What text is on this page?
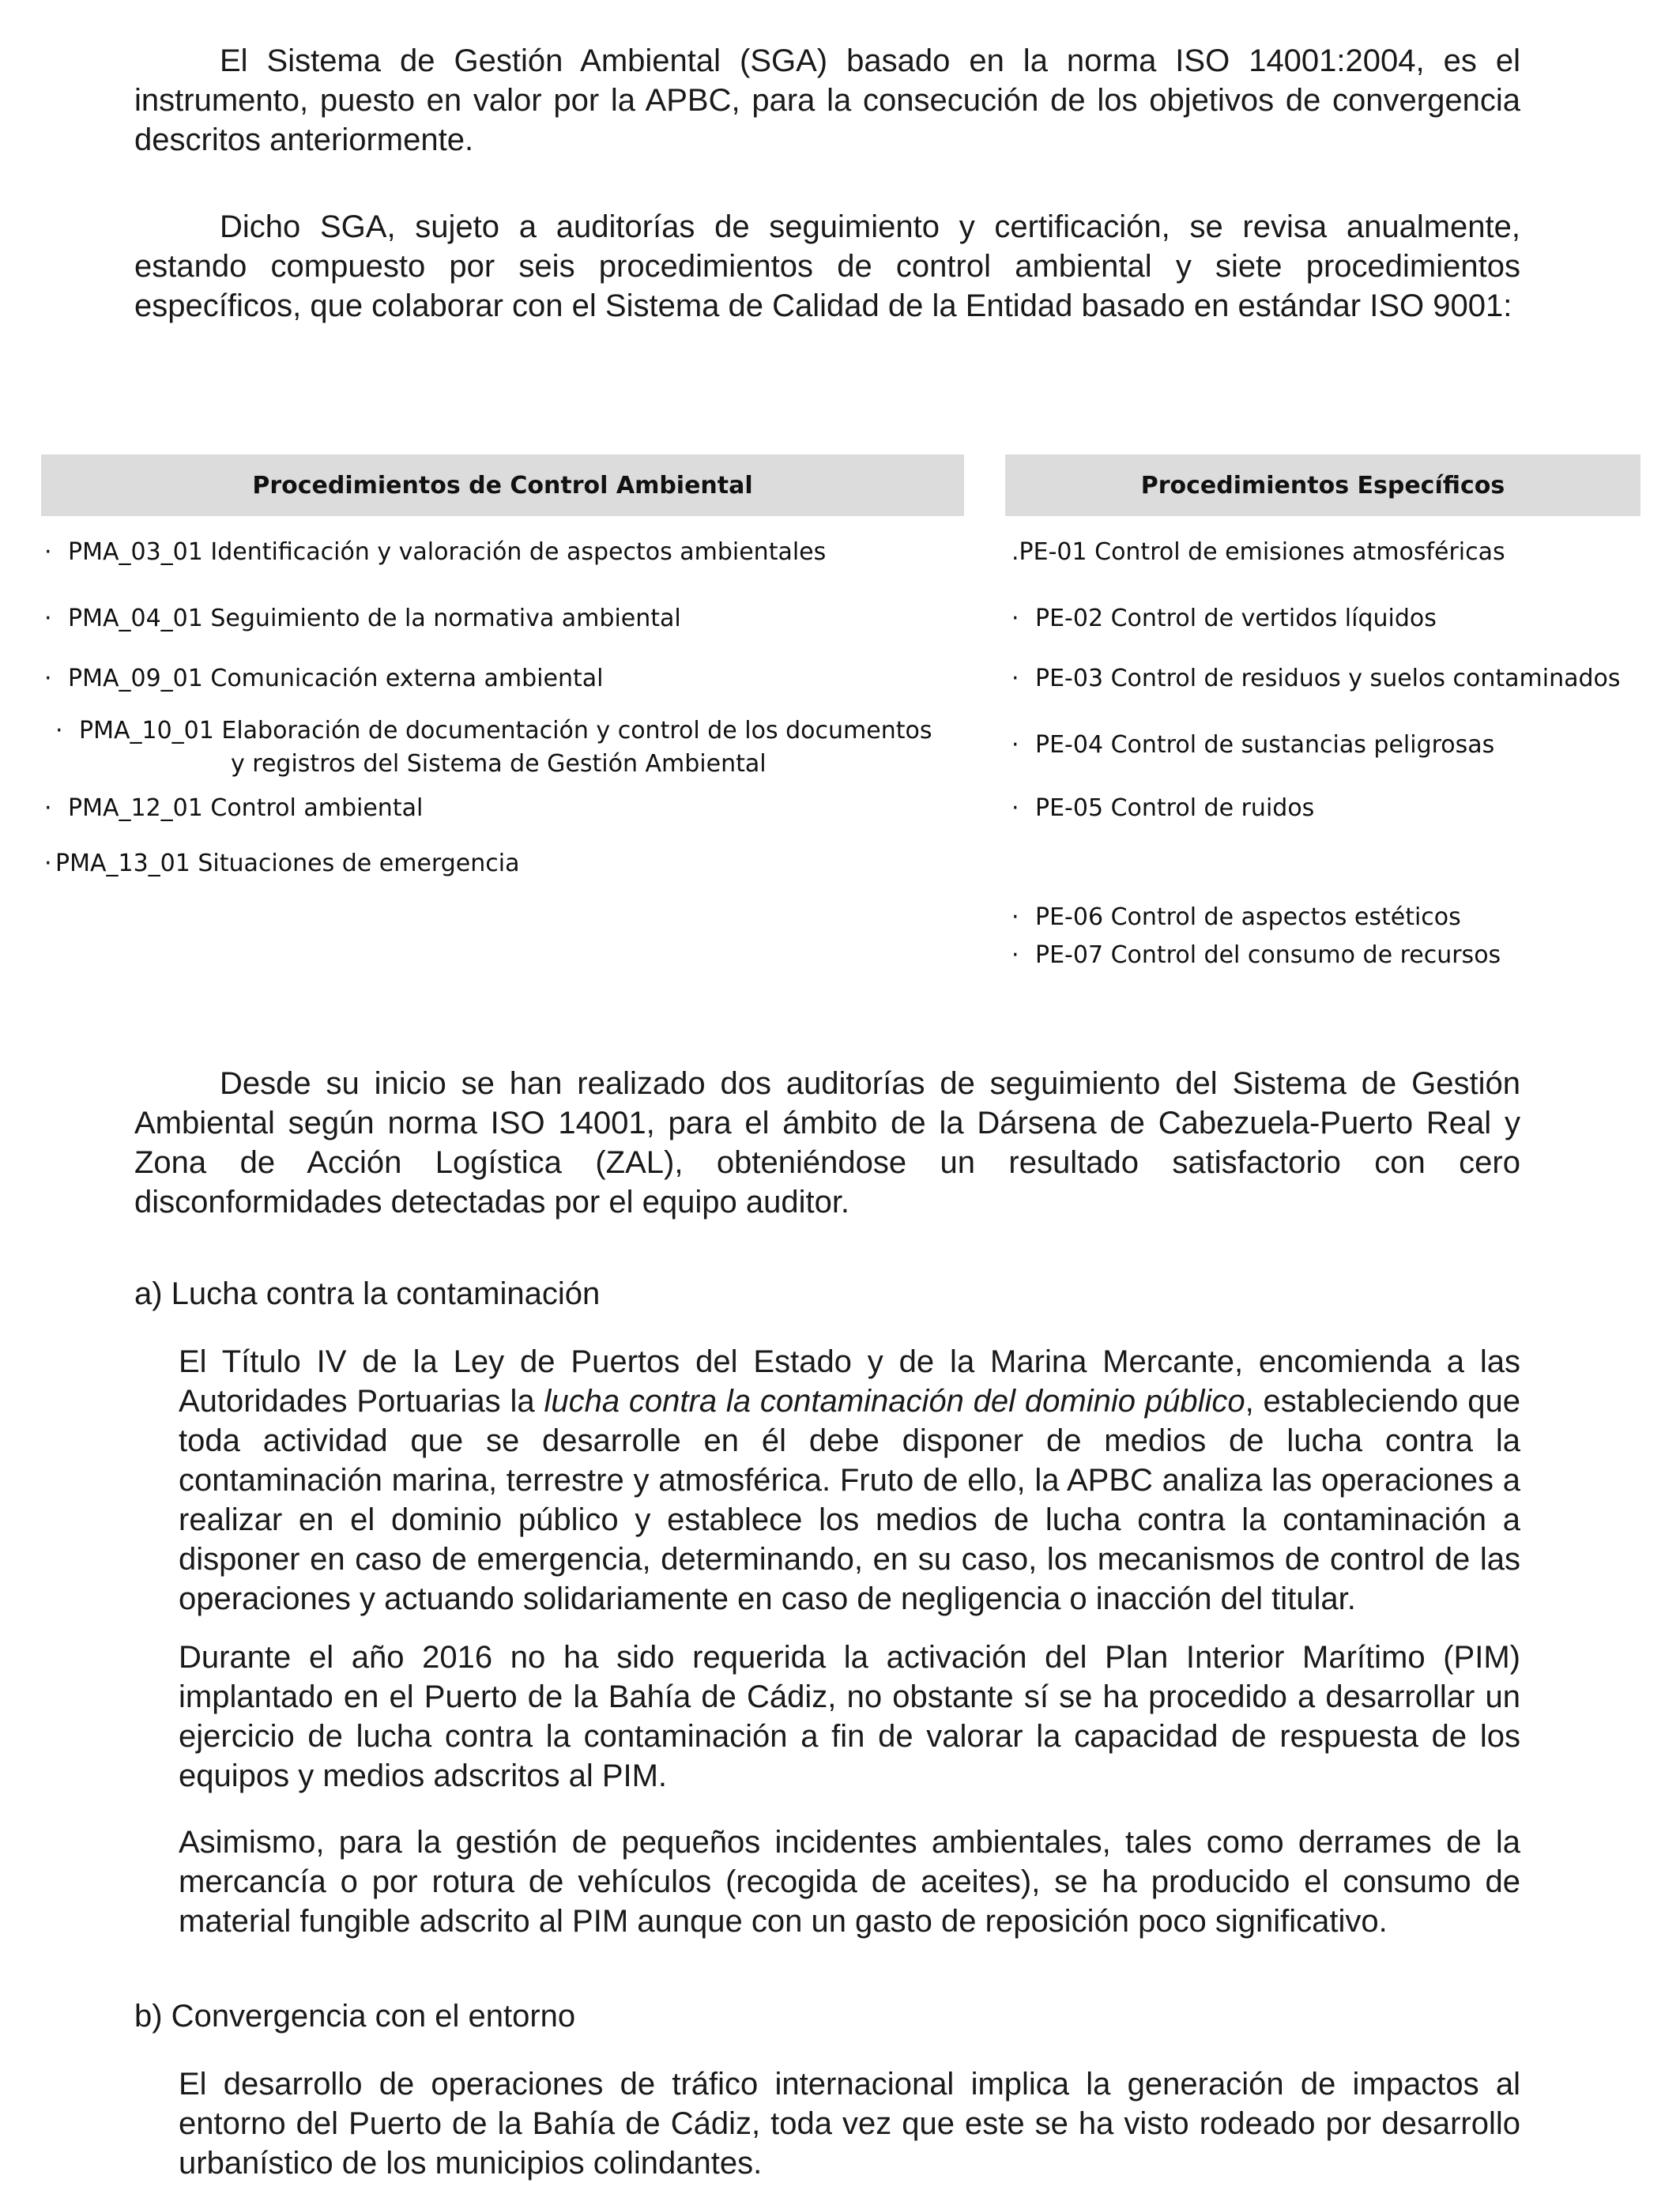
El Sistema de Gestión Ambiental (SGA) basado en la norma ISO 14001:2004, es el instrumento, puesto en valor por la APBC, para la consecución de los objetivos de convergencia descritos anteriormente.

Dicho SGA, sujeto a auditorías de seguimiento y certificación, se revisa anualmente, estando compuesto por seis procedimientos de control ambiental y siete procedimientos específicos, que colaborar con el Sistema de Calidad de la Entidad basado en estándar ISO 9001:

Procedimientos de Control Ambiental	Procedimientos Específicos
· PMA_03_01 Identificación y valoración de aspectos ambientales
· PMA_04_01 Seguimiento de la normativa ambiental
· PMA_09_01 Comunicación externa ambiental
· PMA_10_01 Elaboración de documentación y control de los documentos
y registros del Sistema de Gestión Ambiental
· PMA_12_01 Control ambiental
· PMA_13_01 Situaciones de emergencia
.PE-01 Control de emisiones atmosféricas
· PE-02 Control de vertidos líquidos
· PE-03 Control de residuos y suelos contaminados
· PE-04 Control de sustancias peligrosas
· PE-05 Control de ruidos
· PE-06 Control de aspectos estéticos
· PE-07 Control del consumo de recursos

Desde su inicio se han realizado dos auditorías de seguimiento del Sistema de Gestión Ambiental según norma ISO 14001, para el ámbito de la Dársena de Cabezuela-Puerto Real y Zona de Acción Logística (ZAL), obteniéndose un resultado satisfactorio con cero disconformidades detectadas por el equipo auditor.

a) Lucha contra la contaminación

El Título IV de la Ley de Puertos del Estado y de la Marina Mercante, encomienda a las Autoridades Portuarias la lucha contra la contaminación del dominio público, estableciendo que toda actividad que se desarrolle en él debe disponer de medios de lucha contra la contaminación marina, terrestre y atmosférica. Fruto de ello, la APBC analiza las operaciones a realizar en el dominio público y establece los medios de lucha contra la contaminación a disponer en caso de emergencia, determinando, en su caso, los mecanismos de control de las operaciones y actuando solidariamente en caso de negligencia o inacción del titular.

Durante el año 2016 no ha sido requerida la activación del Plan Interior Marítimo (PIM) implantado en el Puerto de la Bahía de Cádiz, no obstante sí se ha procedido a desarrollar un ejercicio de lucha contra la contaminación a fin de valorar la capacidad de respuesta de los equipos y medios adscritos al PIM.

Asimismo, para la gestión de pequeños incidentes ambientales, tales como derrames de la mercancía o por rotura de vehículos (recogida de aceites), se ha producido el consumo de material fungible adscrito al PIM aunque con un gasto de reposición poco significativo.

b) Convergencia con el entorno

El desarrollo de operaciones de tráfico internacional implica la generación de impactos al entorno del Puerto de la Bahía de Cádiz, toda vez que este se ha visto rodeado por desarrollo urbanístico de los municipios colindantes.
